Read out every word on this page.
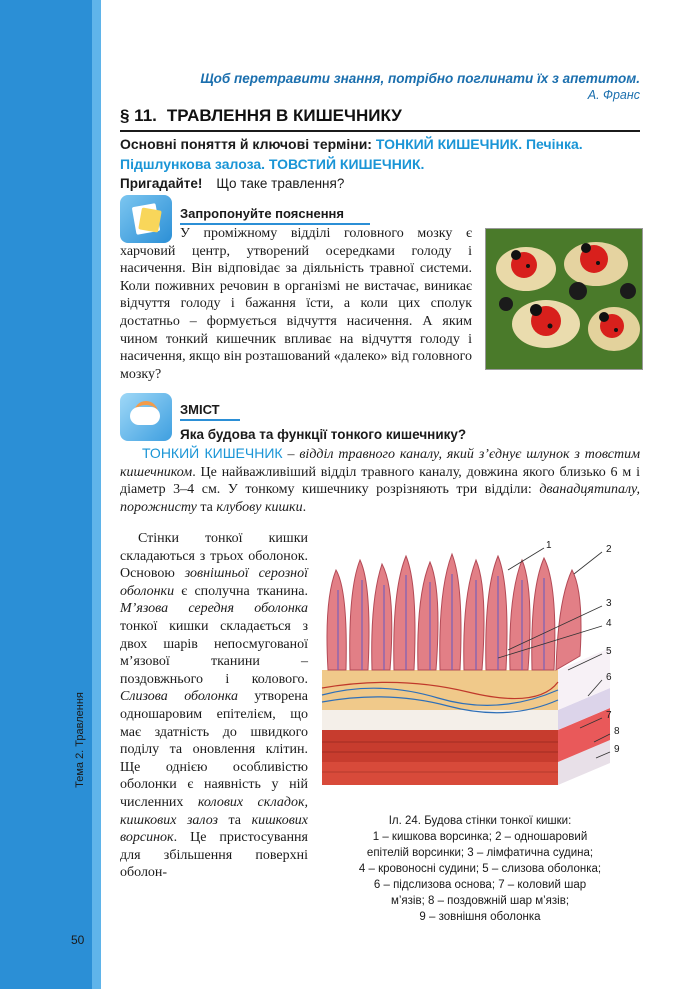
Тема 2. Травлення
50
Щоб перетравити знання, потрібно поглинати їх з апетитом.
А. Франс
§ 11. ТРАВЛЕННЯ В КИШЕЧНИКУ
Основні поняття й ключові терміни: ТОНКИЙ КИШЕЧНИК. Печінка. Підшлункова залоза. ТОВСТИЙ КИШЕЧНИК.
Пригадайте! Що таке травлення?
Запропонуйте пояснення
У проміжному відділі головного мозку є харчовий центр, утворений осередками голоду і насичення. Він відповідає за діяльність травної системи. Коли поживних речовин в організмі не вистачає, виникає відчуття голоду і бажання їсти, а коли цих сполук достатньо – формується відчуття насичення. А яким чином тонкий кишечник впливає на відчуття голоду і насичення, якщо він розташований «далеко» від головного мозку?
ЗМІСТ
Яка будова та функції тонкого кишечнику?
ТОНКИЙ КИШЕЧНИК – відділ травного каналу, який з’єднує шлунок з товстим кишечником. Це найважливіший відділ травного каналу, довжина якого близько 6 м і діаметр 3–4 см. У тонкому кишечнику розрізняють три відділи: дванадцятипалу, порожнисту та клубову кишки.
Стінки тонкої кишки складаються з трьох оболонок. Основою зовнішньої серозної оболонки є сполучна тканина. М’язова середня оболонка тонкої кишки складається з двох шарів непосмугованої м’язової тканини – поздовжнього і колового. Слизова оболонка утворена одношаровим епітелієм, що має здатність до швидкого поділу та оновлення клітин. Ще однією особливістю оболонки є наявність у ній численних колових складок, кишкових залоз та кишкових ворсинок. Це пристосування для збільшення поверхні оболон-
1	2
3
4
5
6
7
8
9
Іл. 24. Будова стінки тонкої кишки:
1 – кишкова ворсинка; 2 – одношаровий
епітелій ворсинки; 3 – лімфатична судина;
4 – кровоносні судини; 5 – слизова оболонка;
6 – підслизова основа; 7 – коловий шар
м’язів; 8 – поздовжній шар м’язів;
9 – зовнішня оболонка
